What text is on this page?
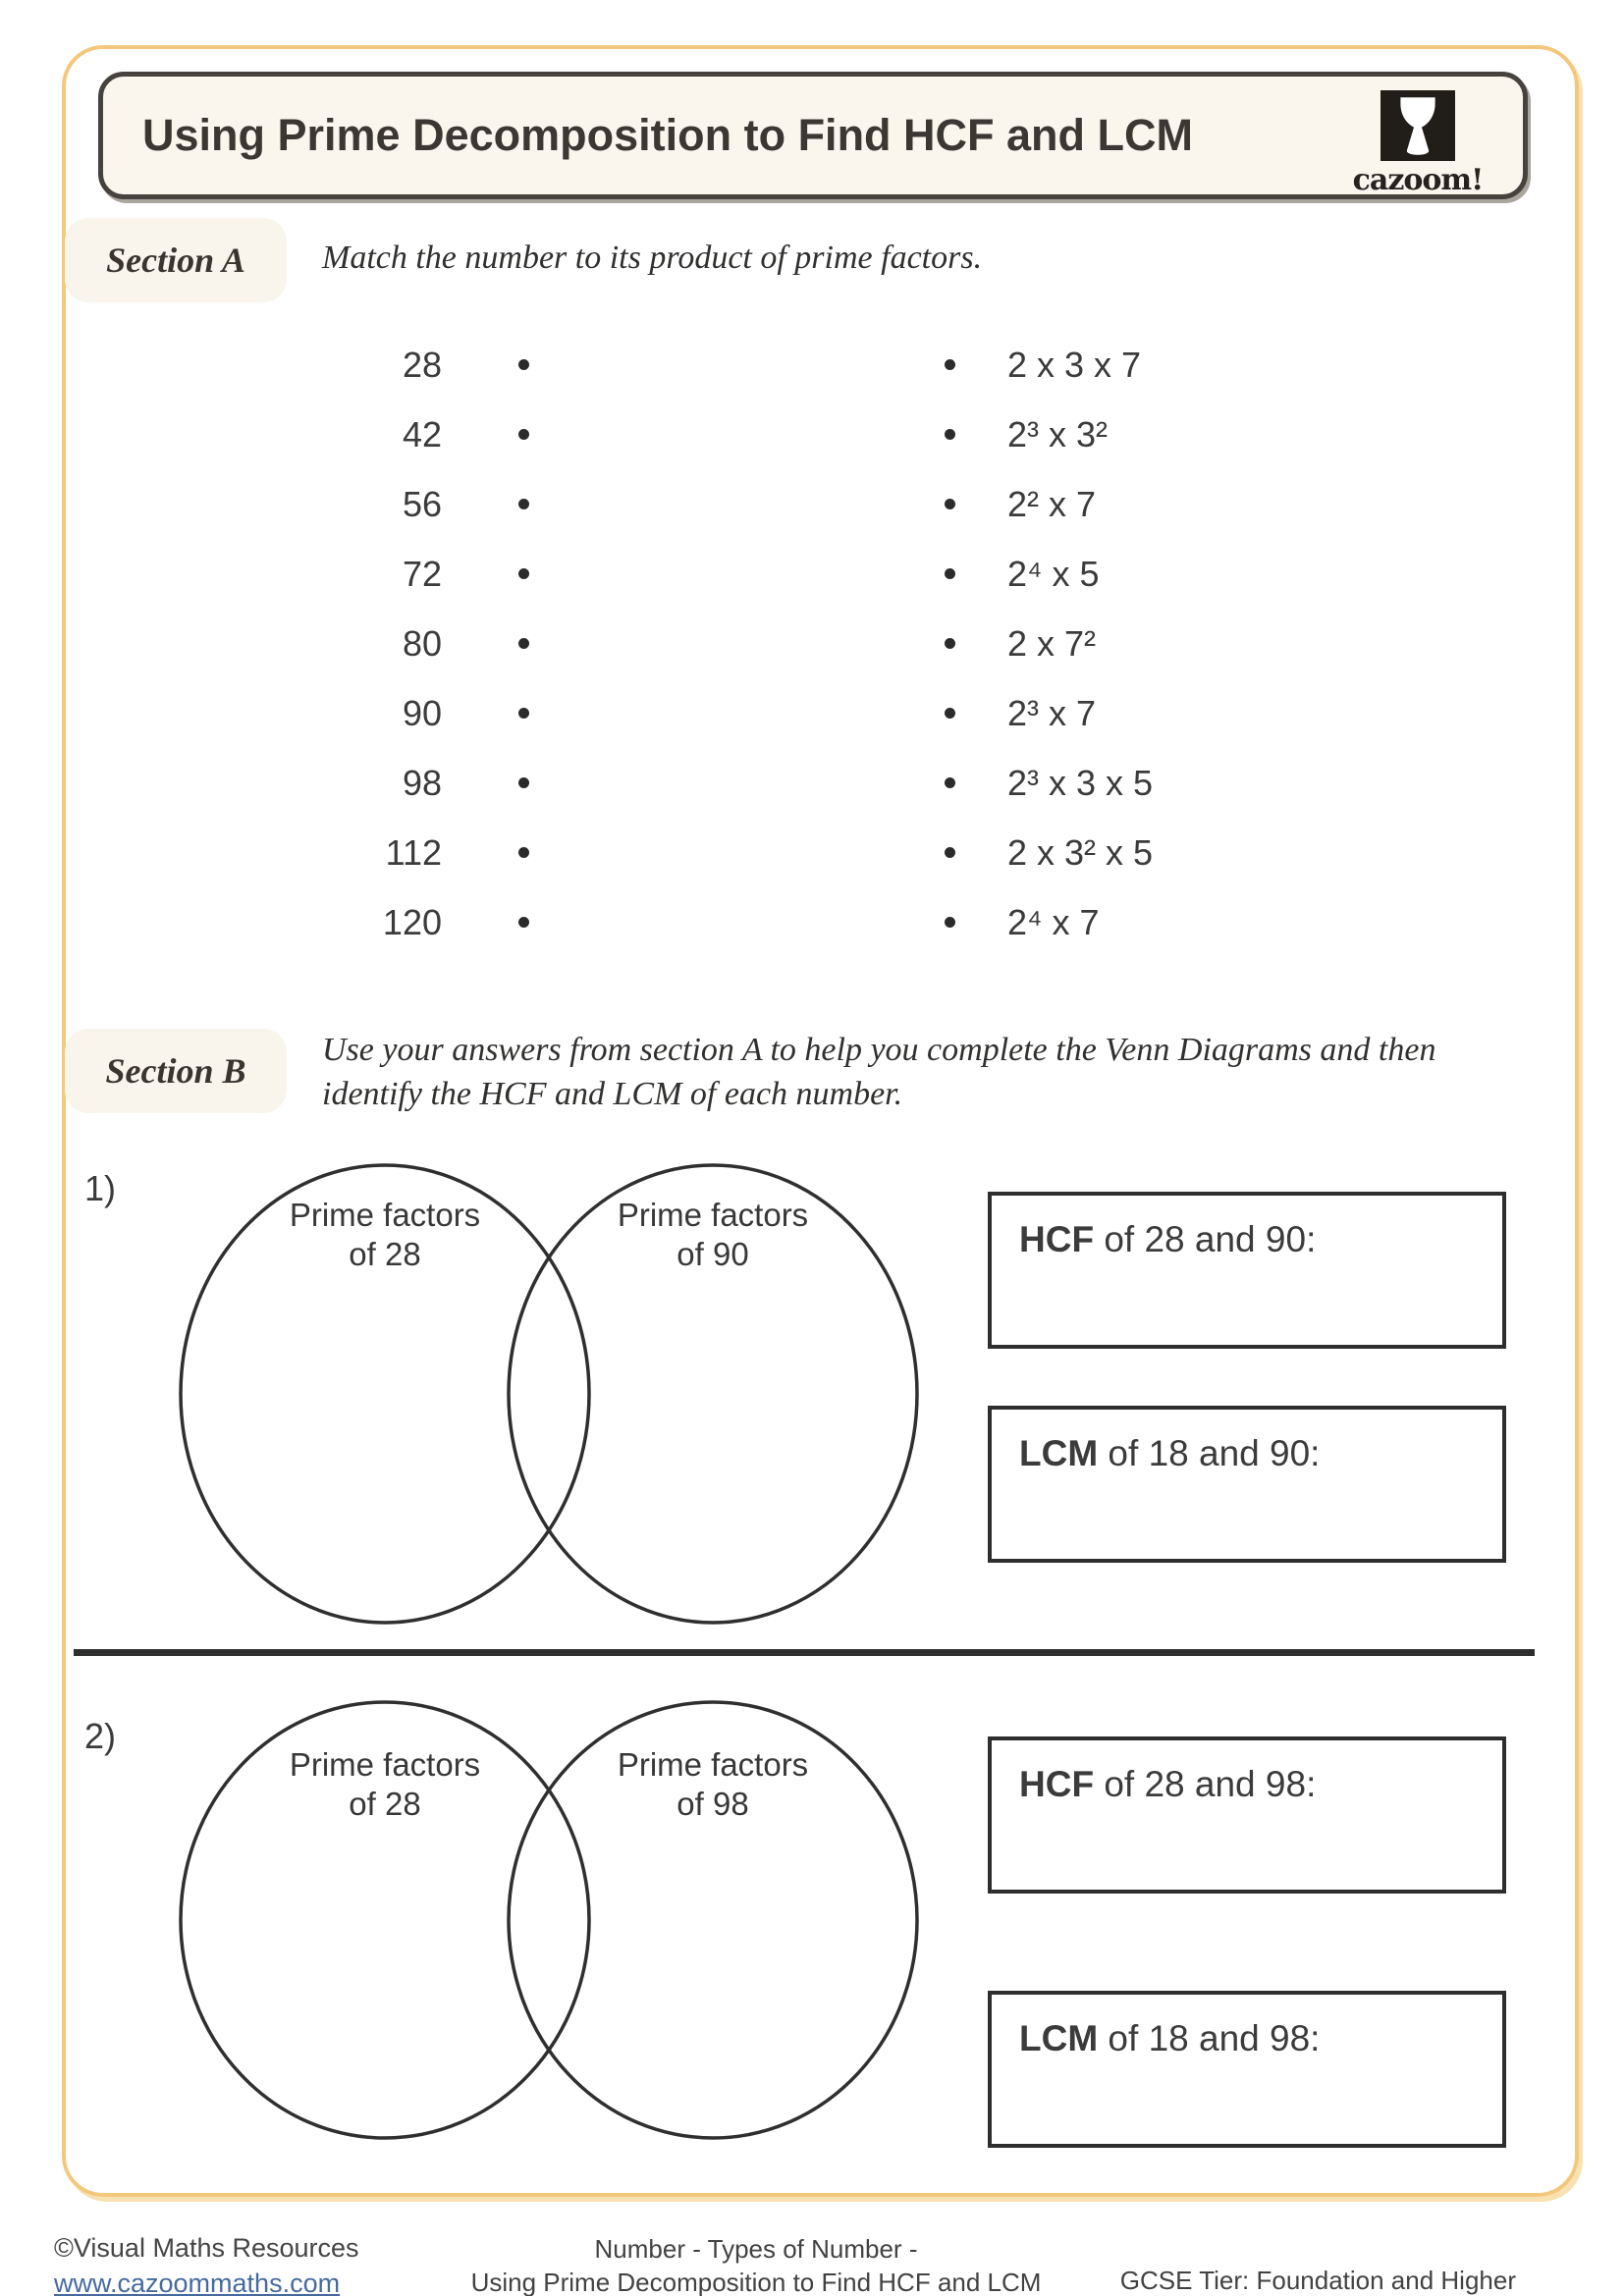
Using Prime Decomposition to Find HCF and LCM
cazoom!
Section A	Match the number to its product of prime factors.
28	2 x 3 x 7
42	2³ x 3²
56	2² x 7
72	2⁴ x 5
80	2 x 7²
90	2³ x 7
98	2³ x 3 x 5
112	2 x 3² x 5
120	2⁴ x 7
Section B
Use your answers from section A to help you complete the Venn Diagrams and then identify the HCF and LCM of each number.
1)
Prime factors
of 28
Prime factors
of 90	HCF of 28 and 90:
LCM of 18 and 90:
2)
Prime factors
of 28
Prime factors
of 98	HCF of 28 and 98:
LCM of 18 and 98:
©Visual Maths Resources
www.cazoommaths.com
Number - Types of Number -
Using Prime Decomposition to Find HCF and LCM	GCSE Tier: Foundation and Higher
